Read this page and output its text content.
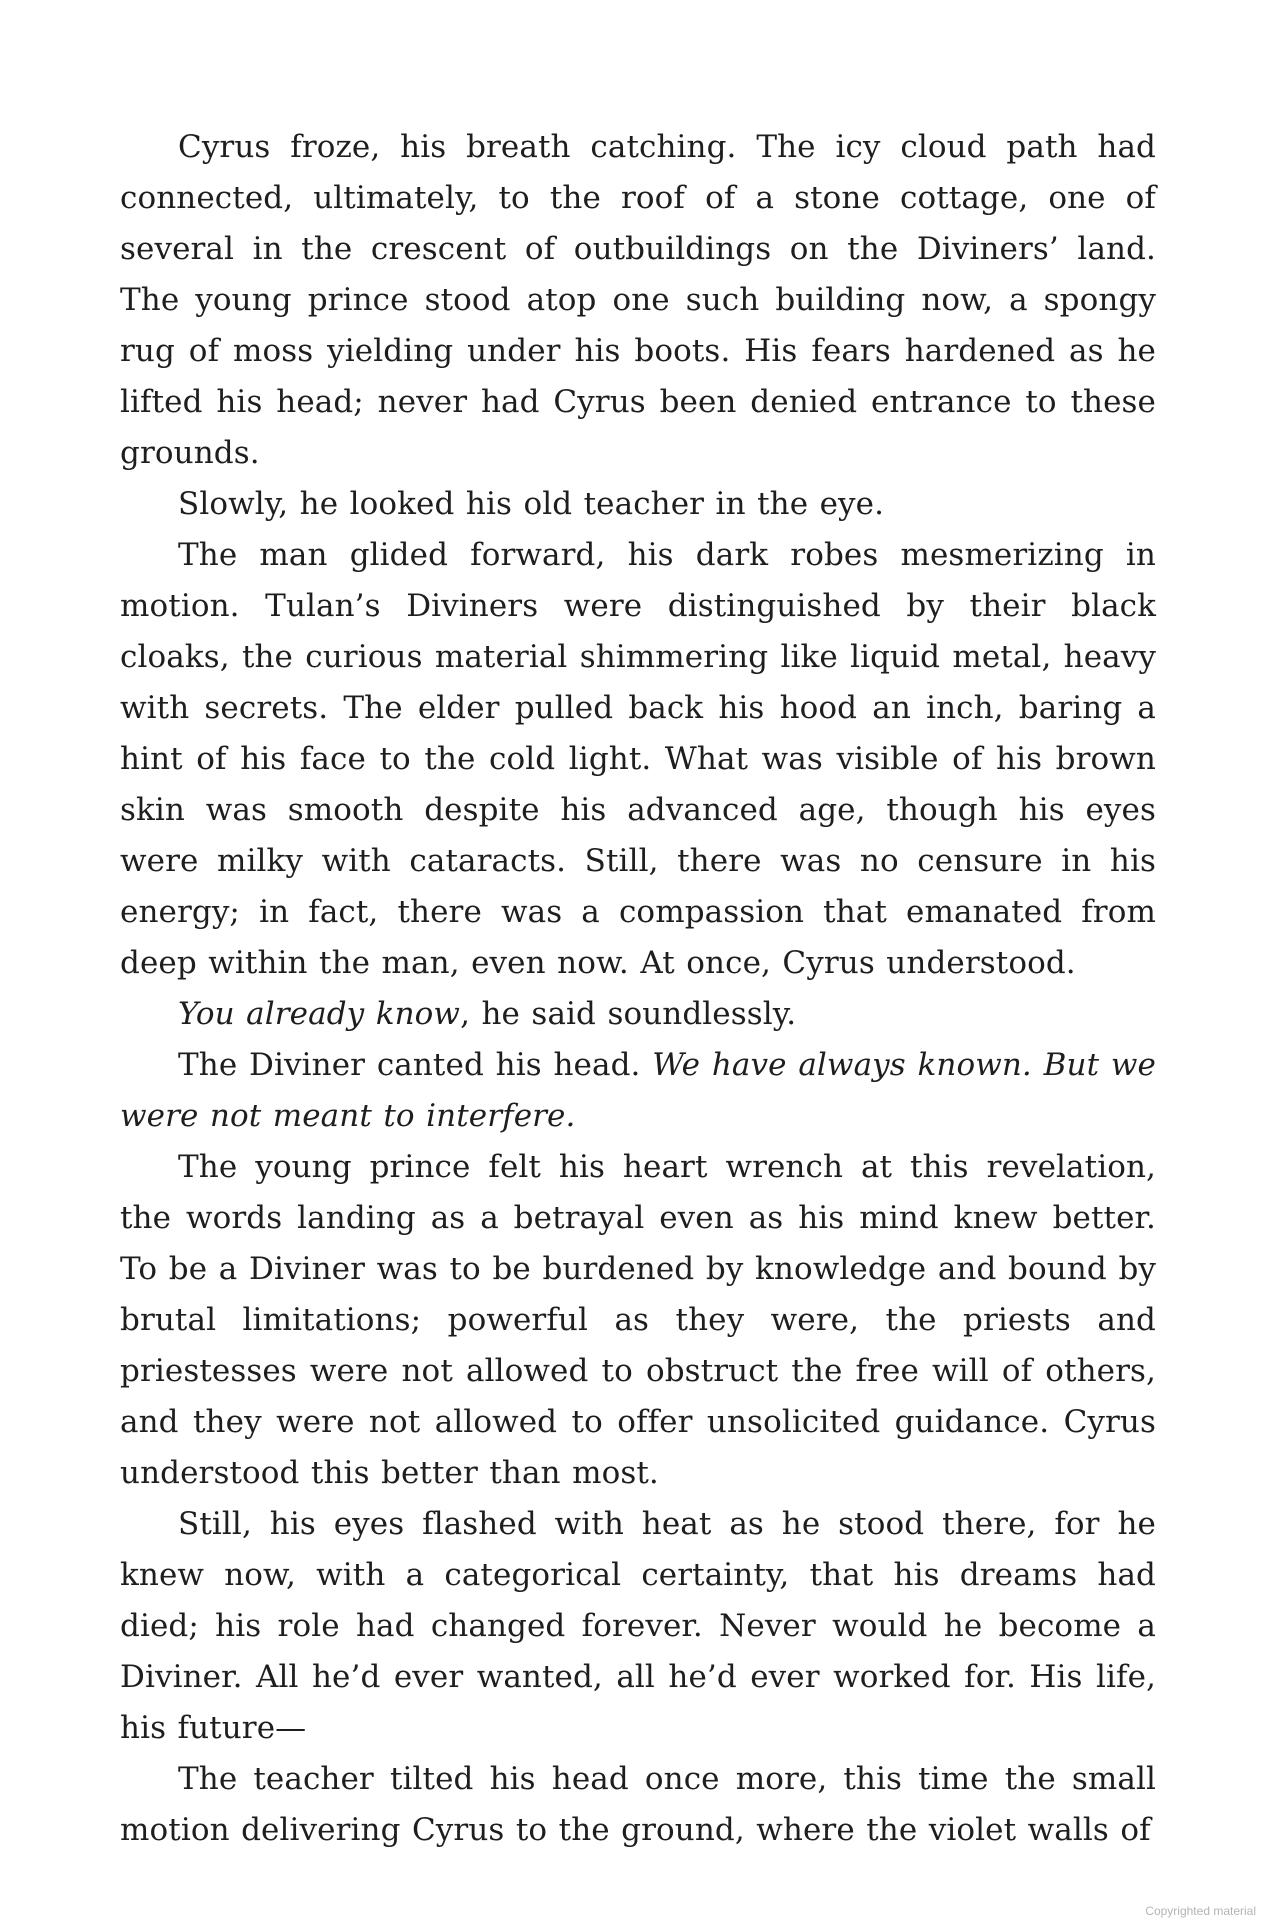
Cyrus froze, his breath catching. The icy cloud path had connected, ultimately, to the roof of a stone cottage, one of several in the crescent of outbuildings on the Diviners’ land. The young prince stood atop one such building now, a spongy rug of moss yielding under his boots. His fears hardened as he lifted his head; never had Cyrus been denied entrance to these grounds.

Slowly, he looked his old teacher in the eye.

The man glided forward, his dark robes mesmerizing in motion. Tulan’s Diviners were distinguished by their black cloaks, the curious material shimmering like liquid metal, heavy with secrets. The elder pulled back his hood an inch, baring a hint of his face to the cold light. What was visible of his brown skin was smooth despite his advanced age, though his eyes were milky with cataracts. Still, there was no censure in his energy; in fact, there was a compassion that emanated from deep within the man, even now. At once, Cyrus understood.

You already know, he said soundlessly.

The Diviner canted his head. We have always known. But we were not meant to interfere.

The young prince felt his heart wrench at this revelation, the words landing as a betrayal even as his mind knew better. To be a Diviner was to be burdened by knowledge and bound by brutal limitations; powerful as they were, the priests and priestesses were not allowed to obstruct the free will of others, and they were not allowed to offer unsolicited guidance. Cyrus understood this better than most.

Still, his eyes flashed with heat as he stood there, for he knew now, with a categorical certainty, that his dreams had died; his role had changed forever. Never would he become a Diviner. All he’d ever wanted, all he’d ever worked for. His life, his future—

The teacher tilted his head once more, this time the small motion delivering Cyrus to the ground, where the violet walls of

Copyrighted material
